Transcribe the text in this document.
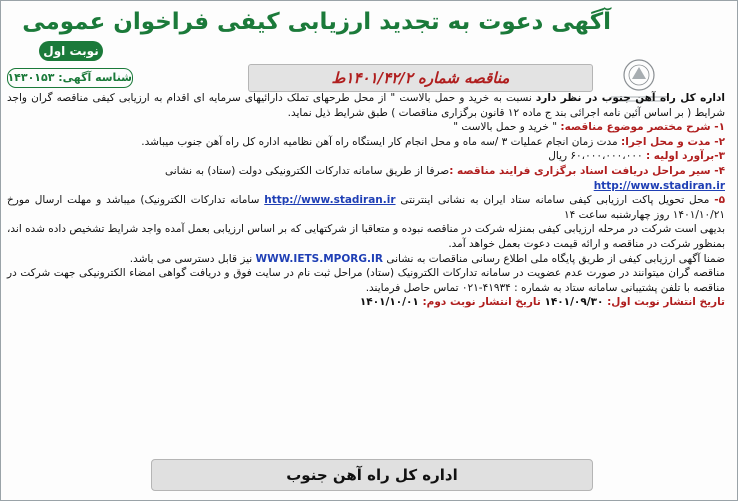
آگهی دعوت به تجدید ارزیابی کیفی فراخوان عمومی
نوبت اول
شناسه آگهی: ۱۴۳۰۱۵۳	مناقصه شماره ۱۴۰۱/۴۲/۲ط

اداره کل راه آهن جنوب در نظر دارد نسبت به خرید و حمل بالاست " از محل طرحهای تملک دارائیهای سرمایه ای اقدام به ارزیابی کیفی مناقصه گران واجد شرایط ( بر اساس آئین نامه اجرائی بند ج ماده ۱۲ قانون برگزاری مناقصات ) طبق شرایط ذیل نماید.

۱- شرح مختصر موضوع مناقصه: " خرید و حمل بالاست "

۲- مدت و محل اجرا: مدت زمان انجام عملیات ۳ /سه ماه و محل انجام کار ایستگاه راه آهن نظامیه اداره کل راه آهن جنوب میباشد.

۳-برآورد اولیه : ۶۰،۰۰۰،۰۰۰،۰۰۰ ریال

۴- سیر مراحل دریافت اسناد برگزاری فرایند مناقصه :صرفا از طریق سامانه تدارکات الکترونیکی دولت (ستاد) به نشانی
http://www.stadiran.ir

۵- محل تحویل پاکت ارزیابی کیفی سامانه ستاد ایران به نشانی اینترنتی http://www.stadiran.ir سامانه تدارکات الکترونیک) میباشد و مهلت ارسال مورخ ۱۴۰۱/۱۰/۲۱ روز چهارشنبه ساعت ۱۴

بدیهی است شرکت در مرحله ارزیابی کیفی بمنزله شرکت در مناقصه نبوده و متعاقبا از شرکتهایی که بر اساس ارزیابی بعمل آمده واجد شرایط تشخیص داده شده اند، بمنظور شرکت در مناقصه و ارائه قیمت دعوت بعمل خواهد آمد.

ضمنا آگهی ارزیابی کیفی از طریق پایگاه ملی اطلاع رسانی مناقصات به نشانی WWW.IETS.MPORG.IR نیز قابل دسترسی می باشد.

مناقصه گران میتوانند در صورت عدم عضویت در سامانه تدارکات الکترونیک (ستاد) مراحل ثبت نام در سایت فوق و دریافت گواهی امضاء الکترونیکی جهت شرکت در مناقصه با تلفن پشتیبانی سامانه ستاد به شماره : ۴۱۹۳۴-۰۲۱ تماس حاصل فرمایند.

تاریخ انتشار نوبت اول: ۱۴۰۱/۰۹/۳۰ تاریخ انتشار نوبت دوم: ۱۴۰۱/۱۰/۰۱

اداره کل راه آهن جنوب
